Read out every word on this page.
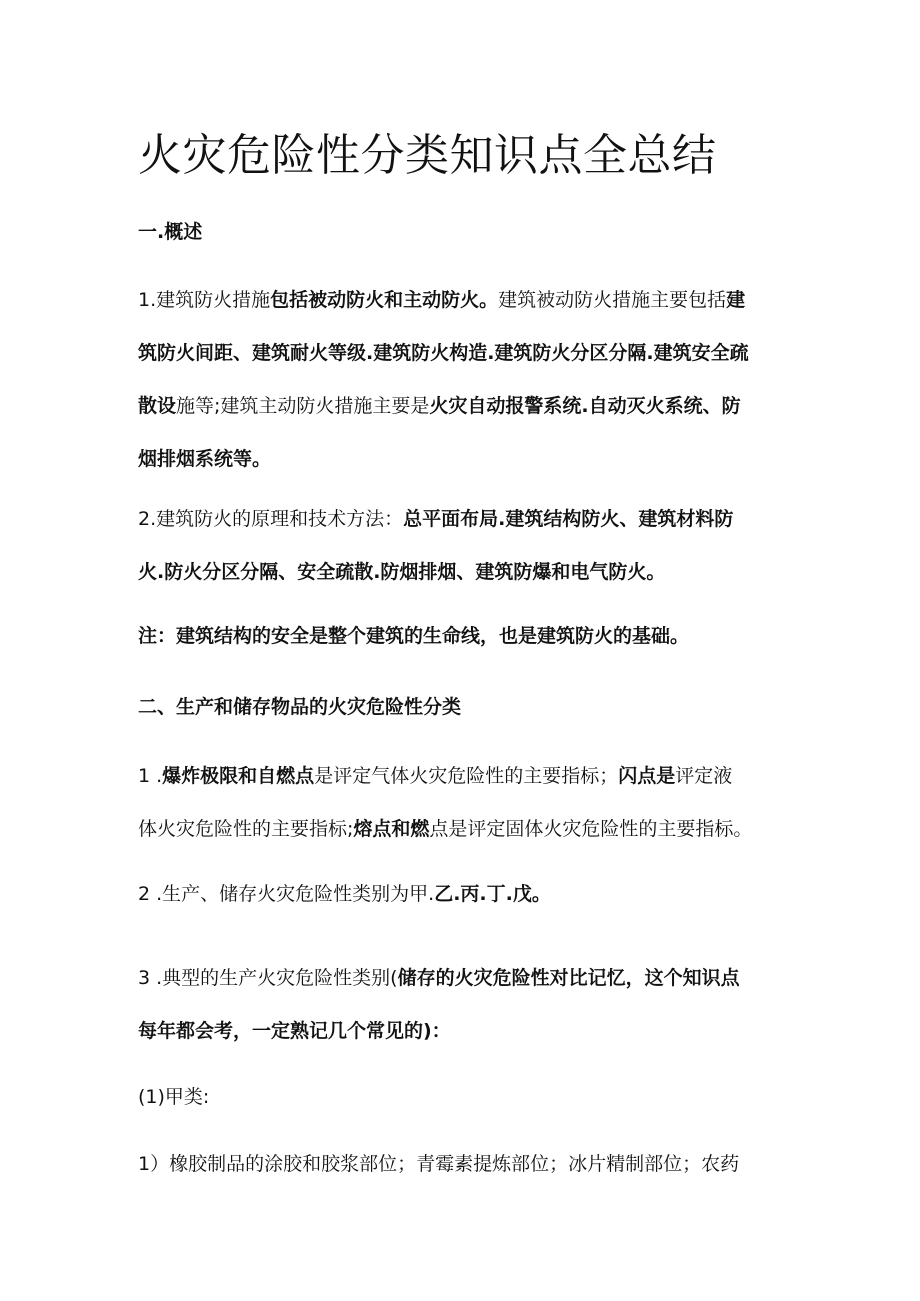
火灾危险性分类知识点全总结

一.概述

1.建筑防火措施包括被动防火和主动防火。建筑被动防火措施主要包括建
筑防火间距、建筑耐火等级.建筑防火构造.建筑防火分区分隔.建筑安全疏
散设施等;建筑主动防火措施主要是火灾自动报警系统.自动灭火系统、防
烟排烟系统等。

2.建筑防火的原理和技术方法：总平面布局.建筑结构防火、建筑材料防
火.防火分区分隔、安全疏散.防烟排烟、建筑防爆和电气防火。

注：建筑结构的安全是整个建筑的生命线，也是建筑防火的基础。

二、生产和储存物品的火灾危险性分类

1 .爆炸极限和自燃点是评定气体火灾危险性的主要指标；闪点是评定液
体火灾危险性的主要指标;熔点和燃点是评定固体火灾危险性的主要指标。

2 .生产、储存火灾危险性类别为甲.乙.丙.丁.戊。

3 .典型的生产火灾危险性类别(储存的火灾危险性对比记忆，这个知识点
每年都会考，一定熟记几个常见的)：

(1)甲类:

1）橡胶制品的涂胶和胶浆部位；青霉素提炼部位；冰片精制部位；农药
